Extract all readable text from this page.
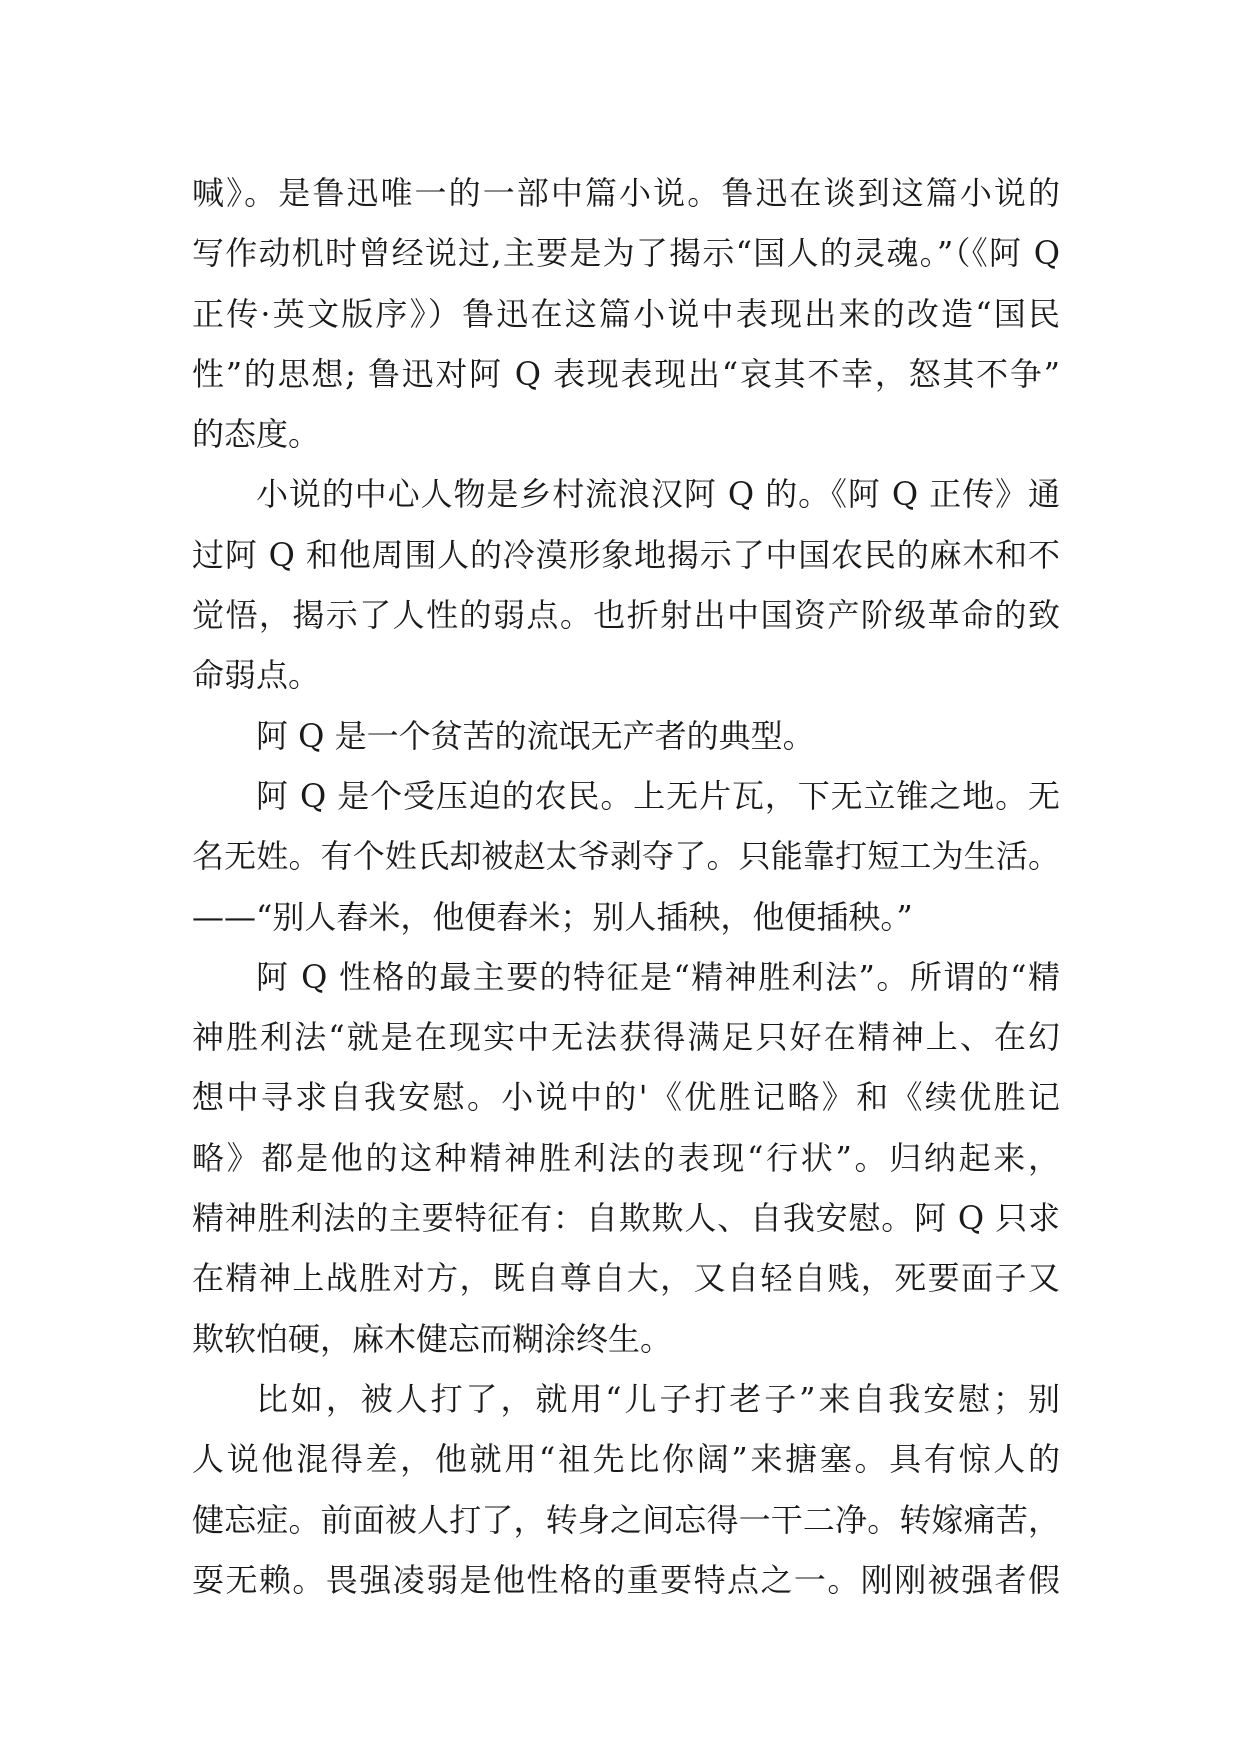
喊》。是鲁迅唯一的一部中篇小说。鲁迅在谈到这篇小说的
写作动机时曾经说过,主要是为了揭示“国人的灵魂。”（《阿 Q
正传·英文版序》）鲁迅在这篇小说中表现出来的改造“国民
性”的思想; 鲁迅对阿 Q 表现表现出“哀其不幸，怒其不争”
的态度。
小说的中心人物是乡村流浪汉阿 Q 的。《阿 Q 正传》通
过阿 Q 和他周围人的冷漠形象地揭示了中国农民的麻木和不
觉悟，揭示了人性的弱点。也折射出中国资产阶级革命的致
命弱点。
阿 Q 是一个贫苦的流氓无产者的典型。
阿 Q 是个受压迫的农民。上无片瓦，下无立锥之地。无
名无姓。有个姓氏却被赵太爷剥夺了。只能靠打短工为生活。
——“别人舂米，他便舂米；别人插秧，他便插秧。”
阿 Q 性格的最主要的特征是“精神胜利法”。所谓的“精
神胜利法“就是在现实中无法获得满足只好在精神上、在幻
想中寻求自我安慰。小说中的'《优胜记略》和《续优胜记
略》都是他的这种精神胜利法的表现“行状”。归纳起来，
精神胜利法的主要特征有：自欺欺人、自我安慰。阿 Q 只求
在精神上战胜对方，既自尊自大，又自轻自贱，死要面子又
欺软怕硬，麻木健忘而糊涂终生。
比如，被人打了，就用“儿子打老子”来自我安慰；别
人说他混得差，他就用“祖先比你阔”来搪塞。具有惊人的
健忘症。前面被人打了，转身之间忘得一干二净。转嫁痛苦，
耍无赖。畏强凌弱是他性格的重要特点之一。刚刚被强者假
